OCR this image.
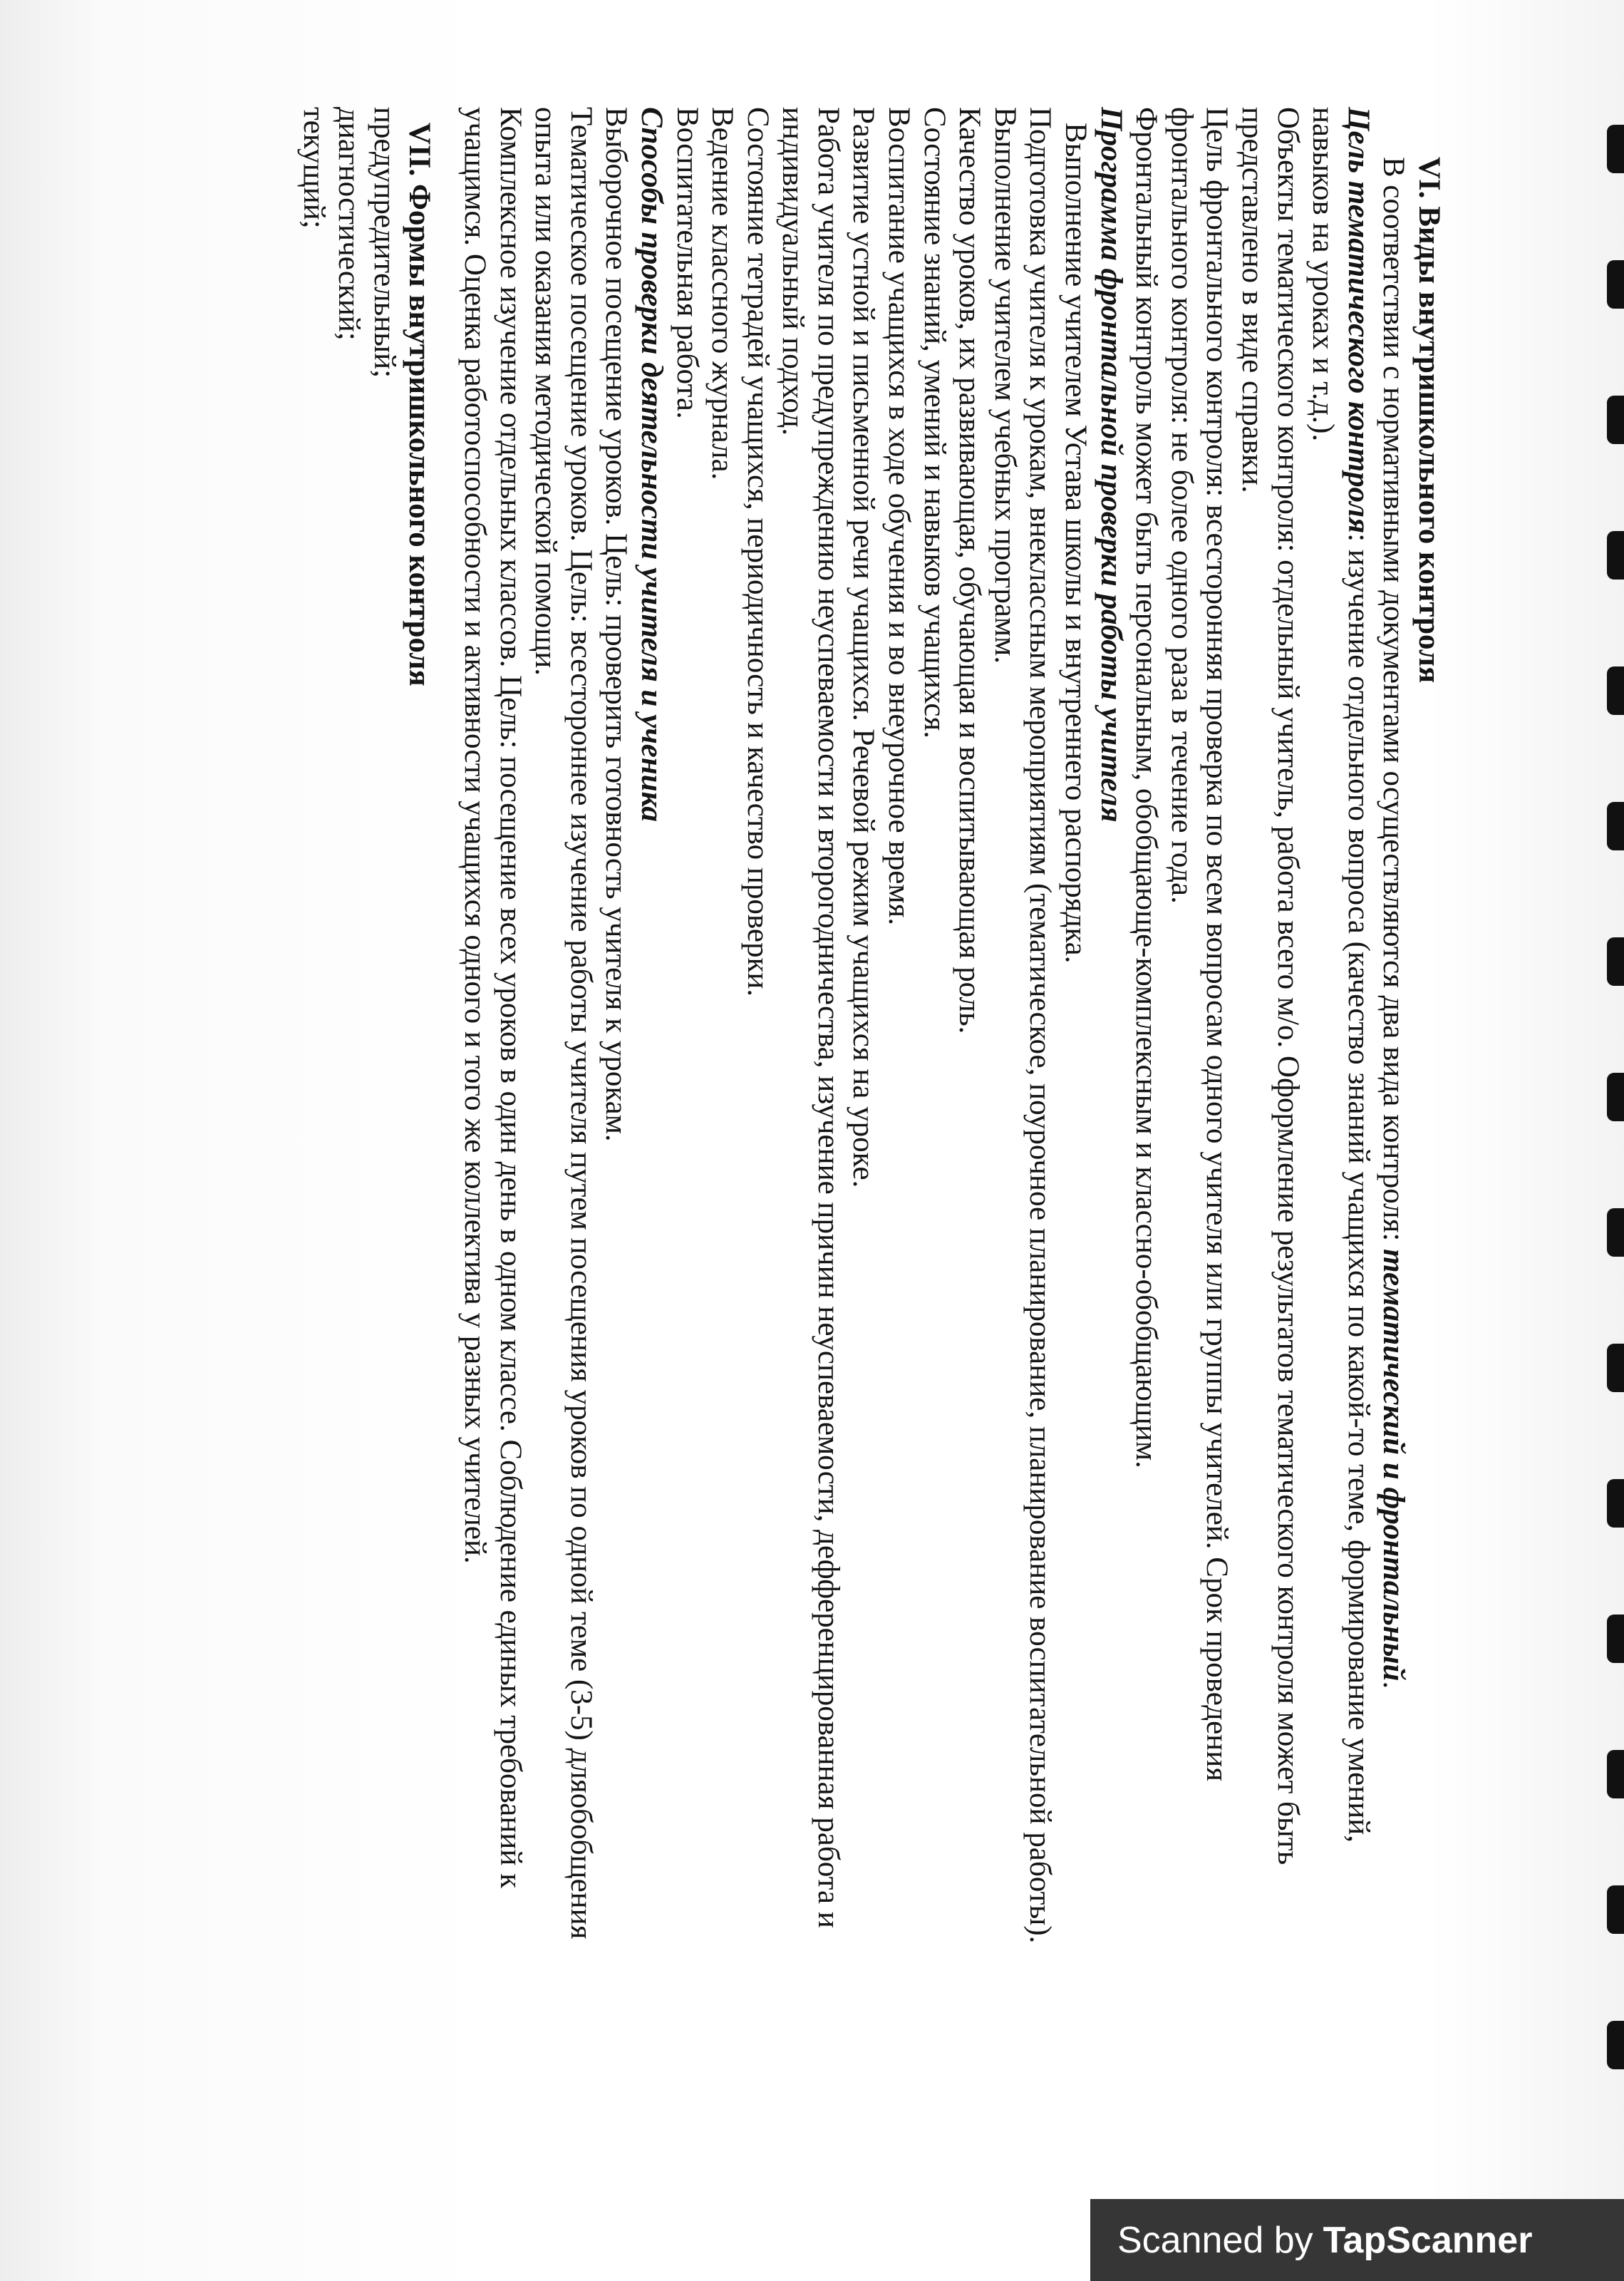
VI. Виды внутришкольного контроля

В соответствии с нормативными документами осуществляются два вида контроля: тематический и фронтальный.

Цель тематического контроля: изучение отдельного вопроса (качество знаний учащихся по какой-то теме, формирование умений,

навыков на уроках и т.д.).

Объекты тематического контроля: отдельный учитель, работа всего м/о. Оформление результатов тематического контроля может быть

представлено в виде справки.

Цель фронтального контроля: всесторонняя проверка по всем вопросам одного учителя или группы учителей. Срок проведения

фронтального контроля: не более одного раза в течение года.

Фронтальный контроль может быть персональным, обобщающе-комплексным и классно-обобщающим.

Программа фронтальной проверки работы учителя

Выполнение учителем Устава школы и внутреннего распорядка.

Подготовка учителя к урокам, внеклассным мероприятиям (тематическое, поурочное планирование, планирование воспитательной работы).

Выполнение учителем учебных программ.

Качество уроков, их развивающая, обучающая и воспитывающая роль.

Состояние знаний, умений и навыков учащихся.

Воспитание учащихся в ходе обучения и во внеурочное время.

Развитие устной и письменной речи учащихся. Речевой режим учащихся на уроке.

Работа учителя по предупреждению неуспеваемости и второгодничества, изучение причин неуспеваемости, дефференцированная работа и

индивидуальный подход.

Состояние тетрадей учащихся, периодичность и качество проверки.

Ведение классного журнала.

Воспитательная работа.

Способы проверки деятельности учителя и ученика

Выборочное посещение уроков. Цель: проверить готовность учителя к урокам.

Тематическое посещение уроков. Цель: всестороннее изучение работы учителя путем посещения уроков по одной теме (3-5) дляобобщения

опыта или оказания методической помощи.

Комплексное изучение отдельных классов. Цель: посещение всех уроков в один день в одном классе. Соблюдение единых требований к

учащимся. Оценка работоспособности и активности учащихся одного и того же коллектива у разных учителей.

VII. Формы внутришкольного контроля

предупредительный;

диагностический;

текущий;

Scanned by TapScanner
